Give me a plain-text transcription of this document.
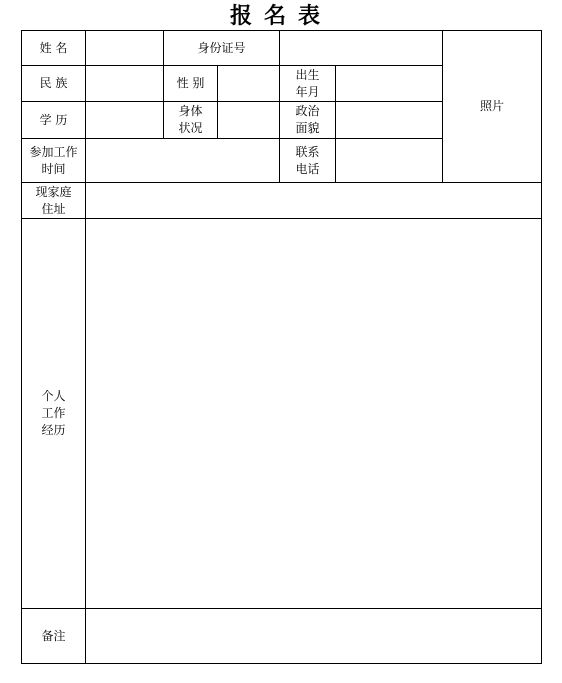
报名表
姓 名	身份证号
照片
民 族	性 别
出生
年月
学 历
身体
状况
政治
面貌
参加工作
时间
联系
电话
现家庭
住址
个人
工作
经历
备注
